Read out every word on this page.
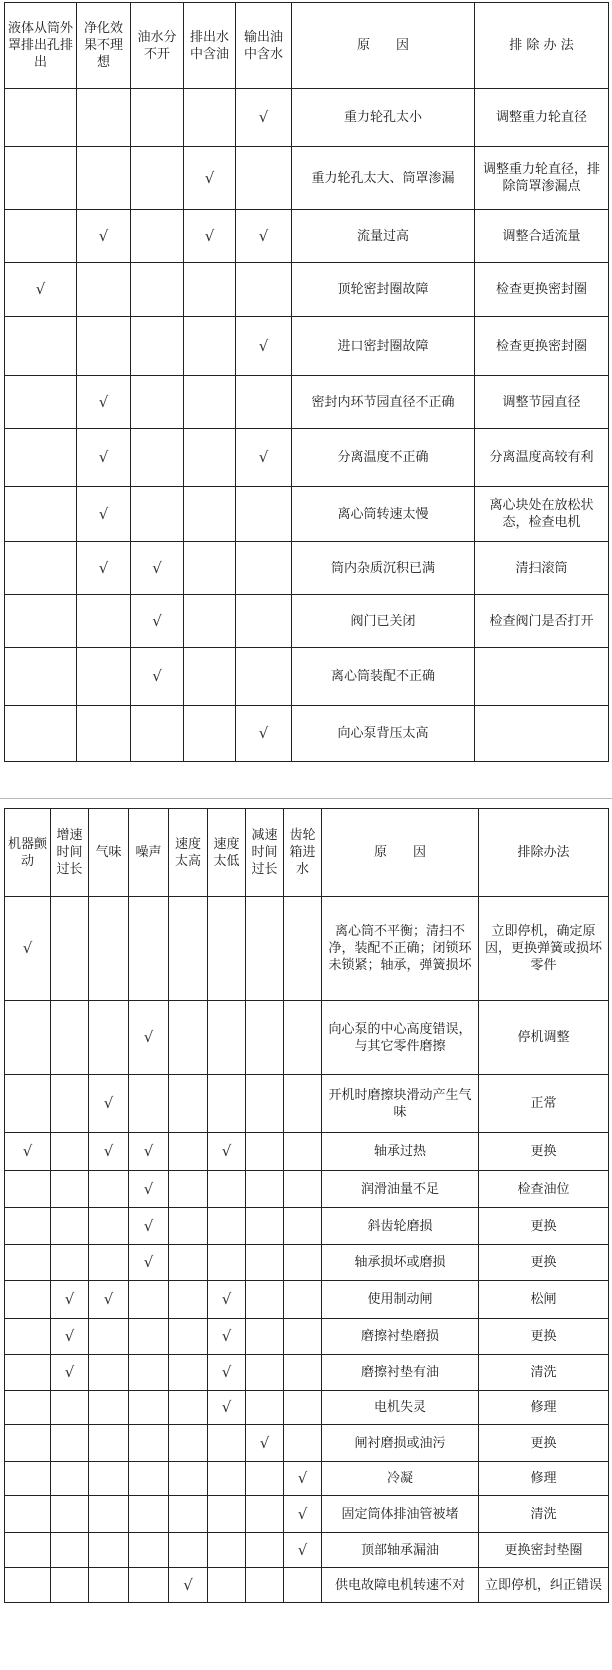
液体从筒外罩排出孔排出	净化效果不理想	油水分不开	排出水中含油	输出油中含水	原　　因	排 除 办 法
				√	重力轮孔太小	调整重力轮直径
			√		重力轮孔太大、筒罩渗漏	调整重力轮直径，排除筒罩渗漏点
	√		√	√	流量过高	调整合适流量
√					顶轮密封圈故障	检查更换密封圈
				√	进口密封圈故障	检查更换密封圈
	√				密封内环节园直径不正确	调整节园直径
	√			√	分离温度不正确	分离温度高较有利
	√				离心筒转速太慢	离心块处在放松状态，检查电机
	√	√			筒内杂质沉积已满	清扫滚筒
		√			阀门已关闭	检查阀门是否打开
		√			离心筒装配不正确	
				√	向心泵背压太高	
机器颤动	增速时间过长	气味	噪声	速度太高	速度太低	减速时间过长	齿轮箱进水	原　　因	排除办法
√								离心筒不平衡；清扫不净，装配不正确；闭锁环未锁紧；轴承，弹簧损坏	立即停机，确定原因，更换弹簧或损坏零件
			√					向心泵的中心高度错误，与其它零件磨擦	停机调整
		√						开机时磨擦块滑动产生气味	正常
√		√	√		√			轴承过热	更换
			√					润滑油量不足	检查油位
			√					斜齿轮磨损	更换
			√					轴承损坏或磨损	更换
	√	√			√			使用制动闸	松闸
	√				√			磨擦衬垫磨损	更换
	√				√			磨擦衬垫有油	清洗
					√			电机失灵	修理
						√		闸衬磨损或油污	更换
							√	冷凝	修理
							√	固定筒体排油管被堵	清洗
							√	顶部轴承漏油	更换密封垫圈
				√				供电故障电机转速不对	立即停机，纠正错误
